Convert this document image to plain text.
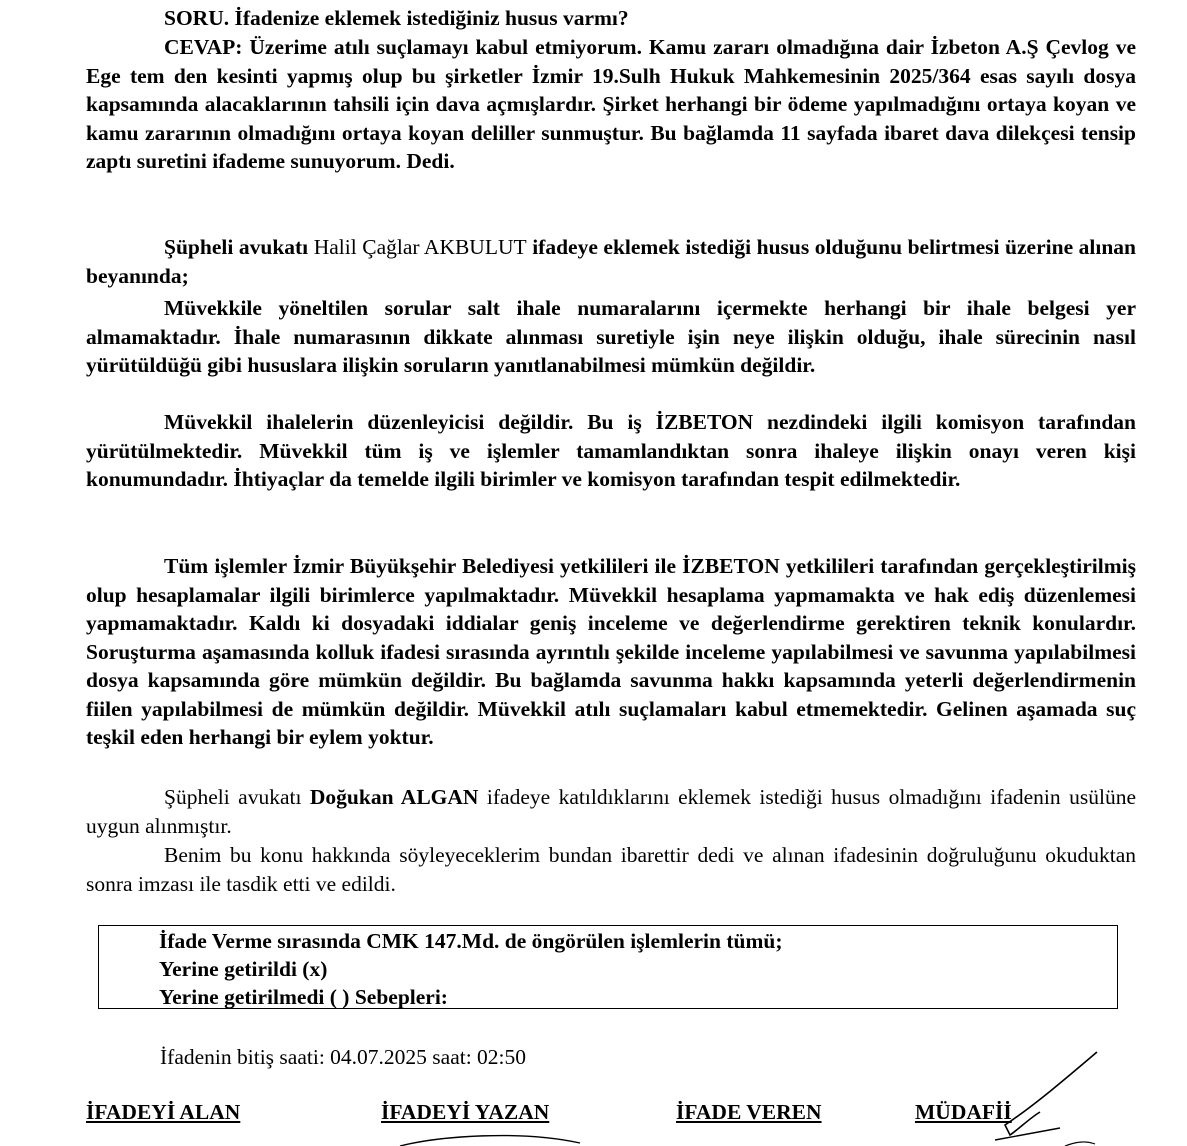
SORU. İfadenize eklemek istediğiniz husus varmı?

CEVAP: Üzerime atılı suçlamayı kabul etmiyorum. Kamu zararı olmadığına dair İzbeton A.Ş Çevlog ve Ege tem den kesinti yapmış olup bu şirketler İzmir 19.Sulh Hukuk Mahkemesinin 2025/364 esas sayılı dosya kapsamında alacaklarının tahsili için dava açmışlardır. Şirket herhangi bir ödeme yapılmadığını ortaya koyan ve kamu zararının olmadığını ortaya koyan deliller sunmuştur. Bu bağlamda 11 sayfada ibaret dava dilekçesi tensip zaptı suretini ifademe sunuyorum. Dedi.

Şüpheli avukatı Halil Çağlar AKBULUT ifadeye eklemek istediği husus olduğunu belirtmesi üzerine alınan beyanında;

Müvekkile yöneltilen sorular salt ihale numaralarını içermekte herhangi bir ihale belgesi yer almamaktadır. İhale numarasının dikkate alınması suretiyle işin neye ilişkin olduğu, ihale sürecinin nasıl yürütüldüğü gibi hususlara ilişkin soruların yanıtlanabilmesi mümkün değildir.

Müvekkil ihalelerin düzenleyicisi değildir. Bu iş İZBETON nezdindeki ilgili komisyon tarafından yürütülmektedir. Müvekkil tüm iş ve işlemler tamamlandıktan sonra ihaleye ilişkin onayı veren kişi konumundadır. İhtiyaçlar da temelde ilgili birimler ve komisyon tarafından tespit edilmektedir.

Tüm işlemler İzmir Büyükşehir Belediyesi yetkilileri ile İZBETON yetkilileri tarafından gerçekleştirilmiş olup hesaplamalar ilgili birimlerce yapılmaktadır. Müvekkil hesaplama yapmamakta ve hak ediş düzenlemesi yapmamaktadır. Kaldı ki dosyadaki iddialar geniş inceleme ve değerlendirme gerektiren teknik konulardır. Soruşturma aşamasında kolluk ifadesi sırasında ayrıntılı şekilde inceleme yapılabilmesi ve savunma yapılabilmesi dosya kapsamında göre mümkün değildir. Bu bağlamda savunma hakkı kapsamında yeterli değerlendirmenin fiilen yapılabilmesi de mümkün değildir. Müvekkil atılı suçlamaları kabul etmemektedir. Gelinen aşamada suç teşkil eden herhangi bir eylem yoktur.

Şüpheli avukatı Doğukan ALGAN ifadeye katıldıklarını eklemek istediği husus olmadığını ifadenin usülüne uygun alınmıştır.

Benim bu konu hakkında söyleyeceklerim bundan ibarettir dedi ve alınan ifadesinin doğruluğunu okuduktan sonra imzası ile tasdik etti ve edildi.

İfade Verme sırasında CMK 147.Md. de öngörülen işlemlerin tümü;
Yerine getirildi (x)
Yerine getirilmedi ( ) Sebepleri:
İfadenin bitiş saati: 04.07.2025 saat: 02:50
İFADEYİ ALAN	İFADEYİ YAZAN	İFADE VEREN	MÜDAFİİ
